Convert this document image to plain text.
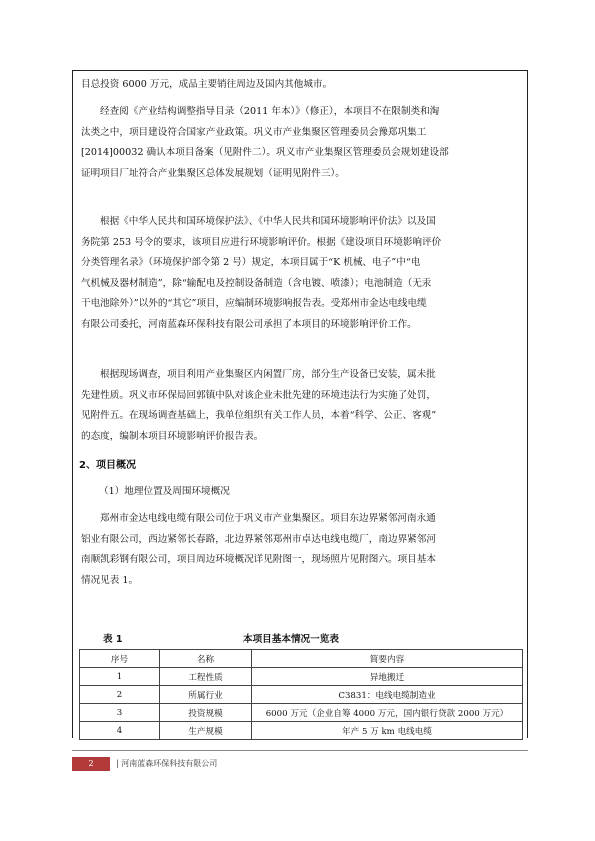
目总投资 6000 万元，成品主要销往周边及国内其他城市。
经查阅《产业结构调整指导目录（2011 年本）》（修正），本项目不在限制类和淘
汰类之中，项目建设符合国家产业政策。巩义市产业集聚区管理委员会豫郑巩集工
[2014]00032 确认本项目备案（见附件二）。巩义市产业集聚区管理委员会规划建设部
证明项目厂址符合产业集聚区总体发展规划（证明见附件三）。
根据《中华人民共和国环境保护法》、《中华人民共和国环境影响评价法》以及国
务院第 253 号令的要求，该项目应进行环境影响评价。根据《建设项目环境影响评价
分类管理名录》（环境保护部令第 2 号）规定，本项目属于“K 机械、电子”中“电
气机械及器材制造”，除“输配电及控制设备制造（含电镀、喷漆）；电池制造（无汞
干电池除外）”以外的“其它”项目，应编制环境影响报告表。受郑州市金达电线电缆
有限公司委托，河南蓝森环保科技有限公司承担了本项目的环境影响评价工作。
根据现场调查，项目利用产业集聚区内闲置厂房，部分生产设备已安装，属未批
先建性质。巩义市环保局回郭镇中队对该企业未批先建的环境违法行为实施了处罚，
见附件五。在现场调查基础上，我单位组织有关工作人员，本着“科学、公正、客观”
的态度，编制本项目环境影响评价报告表。
2、项目概况
（1）地理位置及周围环境概况
郑州市金达电线电缆有限公司位于巩义市产业集聚区。项目东边界紧邻河南永通
铝业有限公司，西边紧邻长春路，北边界紧邻郑州市卓达电线电缆厂，南边界紧邻河
南顺凯彩钢有限公司，项目周边环境概况详见附图一，现场照片见附图六。项目基本
情况见表 1。
表 1	本项目基本情况一览表
序号	名称	简要内容
1	工程性质	异地搬迁
2	所属行业	C3831：电线电缆制造业
3	投资规模	6000 万元（企业自筹 4000 万元，国内银行贷款 2000 万元）
4	生产规模	年产 5 万 km 电线电缆
2	| 河南蓝森环保科技有限公司
